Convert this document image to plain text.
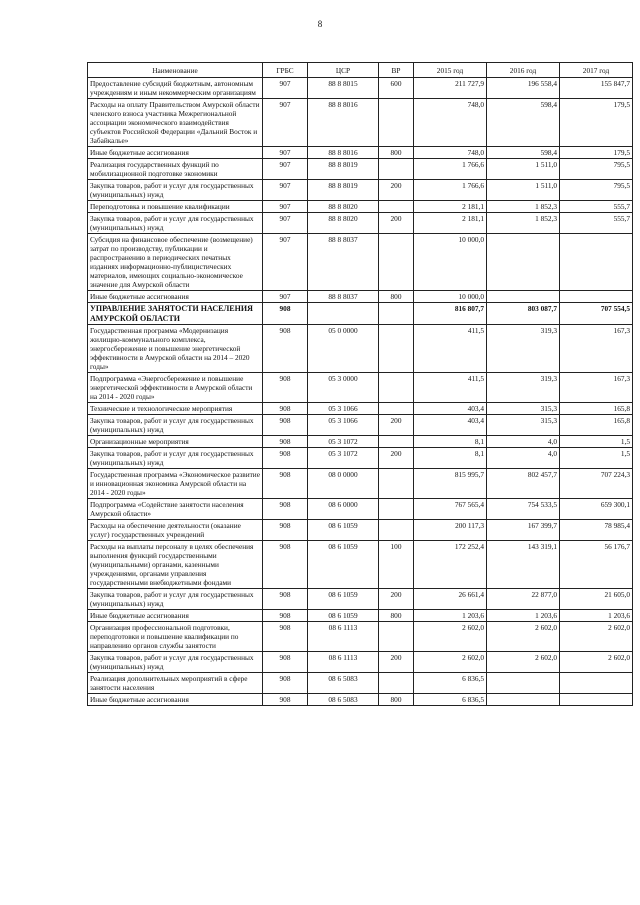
8
Наименование	ГРБС	ЦСР	ВР	2015 год	2016 год	2017 год
Предоставление субсидий бюджетным, автономным учреждениям и иным некоммерческим организациям	907	88 8 8015	600	211 727,9	196 558,4	155 847,7
Расходы на оплату Правительством Амурской области членского взноса участника Межрегиональной ассоциации экономического взаимодействия субъектов Российской Федерации «Дальний Восток и Забайкалье»	907	88 8 8016		748,0	598,4	179,5
Иные бюджетные ассигнования	907	88 8 8016	800	748,0	598,4	179,5
Реализация государственных функций по мобилизационной подготовке экономики	907	88 8 8019		1 766,6	1 511,0	795,5
Закупка товаров, работ и услуг для государственных (муниципальных) нужд	907	88 8 8019	200	1 766,6	1 511,0	795,5
Переподготовка и повышение квалификации	907	88 8 8020		2 181,1	1 852,3	555,7
Закупка товаров, работ и услуг для государственных (муниципальных) нужд	907	88 8 8020	200	2 181,1	1 852,3	555,7
Субсидия на финансовое обеспечение (возмещение) затрат по производству, публикации и распространению в периодических печатных изданиях информационно-публицистических материалов, имеющих социально-экономическое значение для Амурской области	907	88 8 8037		10 000,0		
Иные бюджетные ассигнования	907	88 8 8037	800	10 000,0		
УПРАВЛЕНИЕ ЗАНЯТОСТИ НАСЕЛЕНИЯ АМУРСКОЙ ОБЛАСТИ	908			816 807,7	803 087,7	707 554,5
Государственная программа «Модернизация жилищно-коммунального комплекса, энергосбережение и повышение энергетической эффективности в Амурской области на 2014 – 2020 годы»	908	05 0 0000		411,5	319,3	167,3
Подпрограмма «Энергосбережение и повышение энергетической эффективности в Амурской области на 2014 - 2020 годы»	908	05 3 0000		411,5	319,3	167,3
Технические и технологические мероприятия	908	05 3 1066		403,4	315,3	165,8
Закупка товаров, работ и услуг для государственных (муниципальных) нужд	908	05 3 1066	200	403,4	315,3	165,8
Организационные мероприятия	908	05 3 1072		8,1	4,0	1,5
Закупка товаров, работ и услуг для государственных (муниципальных) нужд	908	05 3 1072	200	8,1	4,0	1,5
Государственная программа «Экономическое развитие и инновационная экономика Амурской области на 2014 - 2020 годы»	908	08 0 0000		815 995,7	802 457,7	707 224,3
Подпрограмма «Содействие занятости населения Амурской области»	908	08 6 0000		767 565,4	754 533,5	659 300,1
Расходы на обеспечение деятельности (оказание услуг) государственных учреждений	908	08 6 1059		200 117,3	167 399,7	78 985,4
Расходы на выплаты персоналу в целях обеспечения выполнения функций государственными (муниципальными) органами, казенными учреждениями, органами управления государственными внебюджетными фондами	908	08 6 1059	100	172 252,4	143 319,1	56 176,7
Закупка товаров, работ и услуг для государственных (муниципальных) нужд	908	08 6 1059	200	26 661,4	22 877,0	21 605,0
Иные бюджетные ассигнования	908	08 6 1059	800	1 203,6	1 203,6	1 203,6
Организация профессиональной подготовки, переподготовки и повышение квалификации по направлению органов службы занятости	908	08 6 1113		2 602,0	2 602,0	2 602,0
Закупка товаров, работ и услуг для государственных (муниципальных) нужд	908	08 6 1113	200	2 602,0	2 602,0	2 602,0
Реализация дополнительных мероприятий в сфере занятости населения	908	08 6 5083		6 836,5		
Иные бюджетные ассигнования	908	08 6 5083	800	6 836,5		
